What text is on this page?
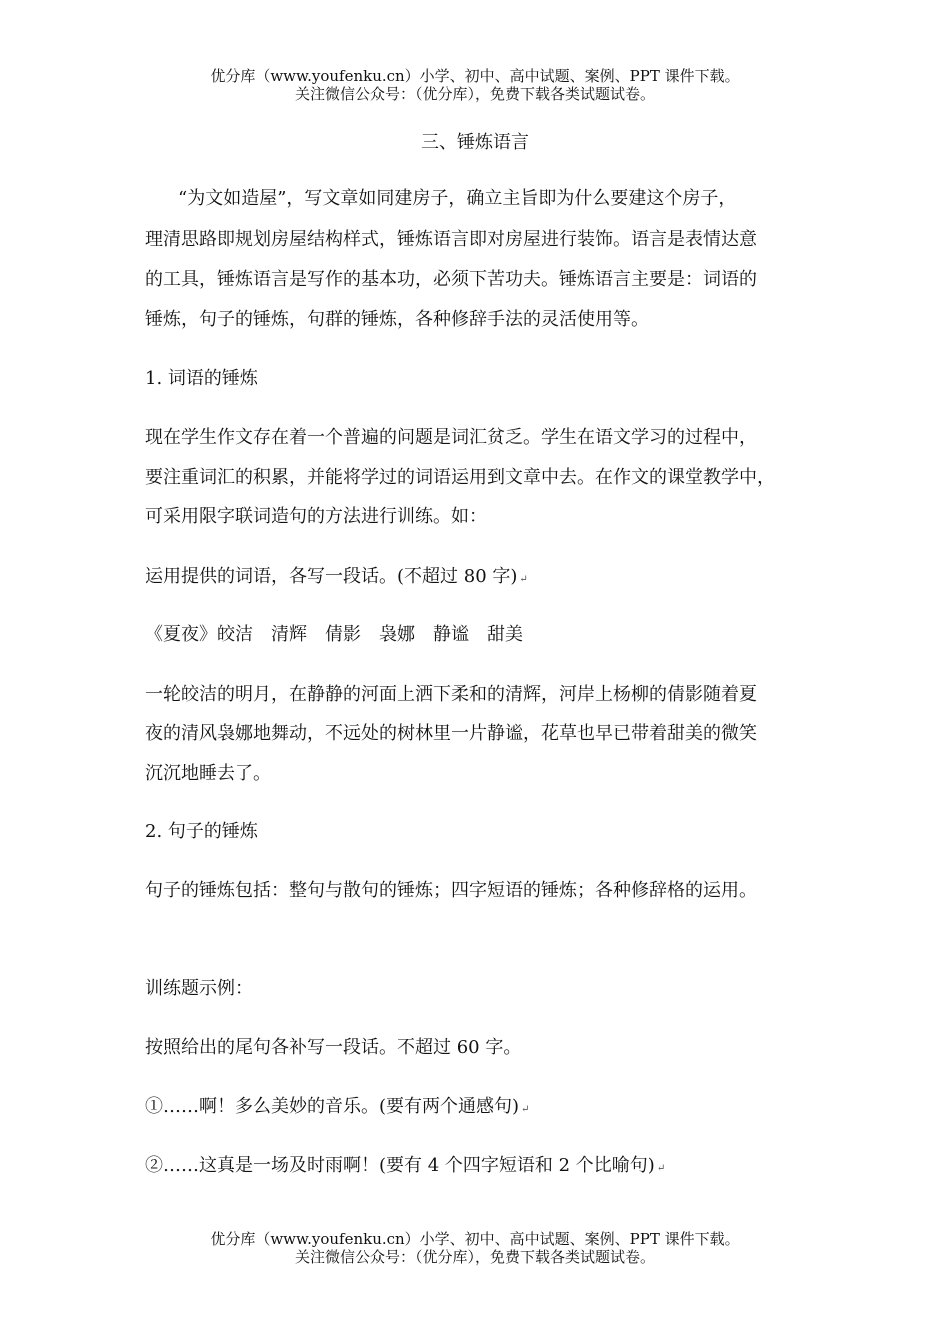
优分库（www.youfenku.cn）小学、初中、高中试题、案例、PPT 课件下载。
关注微信公众号：（优分库），免费下载各类试题试卷。
三、锤炼语言
“为文如造屋”，写文章如同建房子，确立主旨即为什么要建这个房子，
理清思路即规划房屋结构样式，锤炼语言即对房屋进行装饰。语言是表情达意
的工具，锤炼语言是写作的基本功，必须下苦功夫。锤炼语言主要是：词语的
锤炼，句子的锤炼，句群的锤炼，各种修辞手法的灵活使用等。
1. 词语的锤炼
现在学生作文存在着一个普遍的问题是词汇贫乏。学生在语文学习的过程中，
要注重词汇的积累，并能将学过的词语运用到文章中去。在作文的课堂教学中，
可采用限字联词造句的方法进行训练。如：
运用提供的词语，各写一段话。(不超过 80 字) ↵
《夏夜》皎洁　清辉　倩影　袅娜　静谧　甜美
一轮皎洁的明月，在静静的河面上洒下柔和的清辉，河岸上杨柳的倩影随着夏
夜的清风袅娜地舞动，不远处的树林里一片静谧，花草也早已带着甜美的微笑
沉沉地睡去了。
2. 句子的锤炼
句子的锤炼包括：整句与散句的锤炼；四字短语的锤炼；各种修辞格的运用。
训练题示例：
按照给出的尾句各补写一段话。不超过 60 字。
①……啊！多么美妙的音乐。(要有两个通感句) ↵
②……这真是一场及时雨啊！(要有 4 个四字短语和 2 个比喻句) ↵
优分库（www.youfenku.cn）小学、初中、高中试题、案例、PPT 课件下载。
关注微信公众号：（优分库），免费下载各类试题试卷。
